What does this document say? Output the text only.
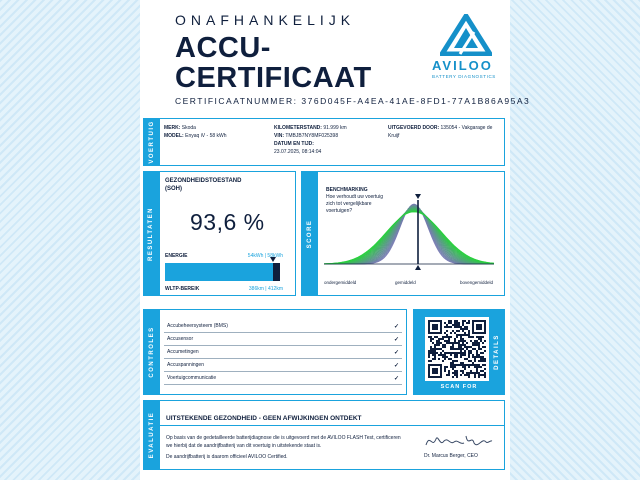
ONAFHANKELIJK
ACCU-
CERTIFICAAT
CERTIFICAATNUMMER: 376D045F-A4EA-41AE-8FD1-77A1B86A95A3
AVILOO
BATTERY DIAGNOSTICS
VOERTUIG MERK: Skoda
MODEL: Enyaq iV - 58 kWh
KILOMETERSTAND: 91.999 km
VIN: TMBJB7NY8MF025398
DATUM EN TIJD:
23.07.2025, 08:14:04
UITGEVOERD DOOR: 135054 - Vakgarage de Kruijf
RESULTATEN
GEZONDHEIDSTOESTAND
(SOH)
93,6 %
ENERGIE	54kWh | 58kWh
WLTP-BEREIK	386km | 412km
SCORE
BENCHMARKING
Hoe verhoudt uw voertuig zich tot vergelijkbare voertuigen?
ondergemiddeld	gemiddeld	bovengemiddeld
CONTROLES
Accubeheersysteem (BMS)	✓
Accusensor	✓
Accumetingen	✓
Accuspanningen	✓
Voertuigcommunicatie	✓
DETAILS
SCAN FOR
EVALUATIE UITSTEKENDE GEZONDHEID - GEEN AFWIJKINGEN ONTDEKT

Op basis van de gedetailleerde batterijdiagnose die is uitgevoerd met de AVILOO FLASH Test, certificeren we hierbij dat de aandrijfbatterij van dit voertuig in uitstekende staat is.

De aandrijfbatterij is daarom officieel AVILOO Certified.	Dr. Marcus Berger, CEO
